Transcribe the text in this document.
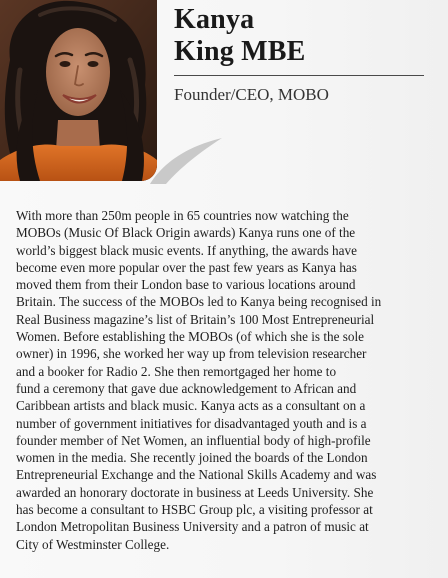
Kanya
King MBE
Founder/CEO, MOBO
With more than 250m people in 65 countries now watching the
MOBOs (Music Of Black Origin awards) Kanya runs one of the
world’s biggest black music events. If anything, the awards have
become even more popular over the past few years as Kanya has
moved them from their London base to various locations around
Britain. The success of the MOBOs led to Kanya being recognised in
Real Business magazine’s list of Britain’s 100 Most Entrepreneurial
Women. Before establishing the MOBOs (of which she is the sole
owner) in 1996, she worked her way up from television researcher
and a booker for Radio 2. She then remortgaged her home to
fund a ceremony that gave due acknowledgement to African and
Caribbean artists and black music. Kanya acts as a consultant on a
number of government initiatives for disadvantaged youth and is a
founder member of Net Women, an influential body of high-profile
women in the media. She recently joined the boards of the London
Entrepreneurial Exchange and the National Skills Academy and was
awarded an honorary doctorate in business at Leeds University. She
has become a consultant to HSBC Group plc, a visiting professor at
London Metropolitan Business University and a patron of music at
City of Westminster College.
